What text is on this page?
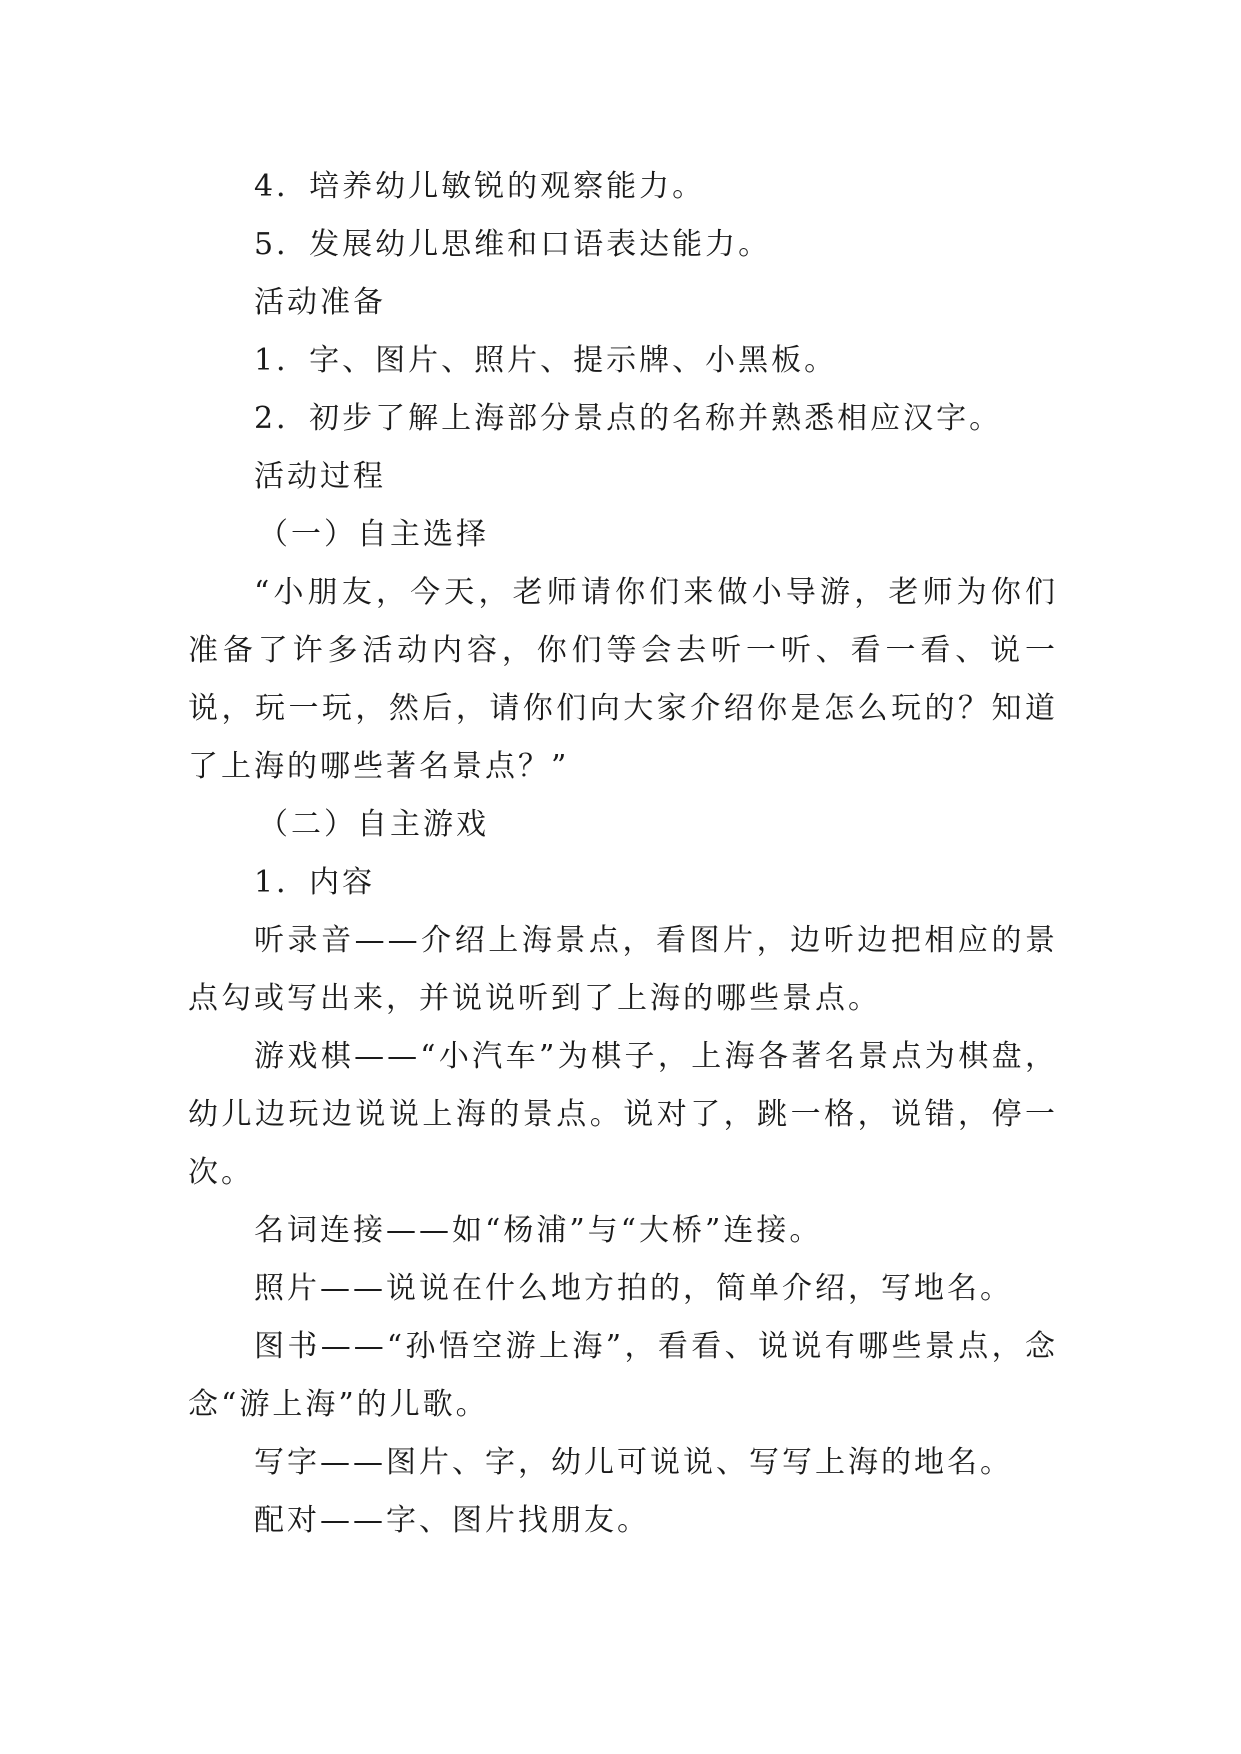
4．培养幼儿敏锐的观察能力。

5．发展幼儿思维和口语表达能力。

活动准备

1．字、图片、照片、提示牌、小黑板。

2．初步了解上海部分景点的名称并熟悉相应汉字。

活动过程

（一）自主选择

“小朋友，今天，老师请你们来做小导游，老师为你们准备了许多活动内容，你们等会去听一听、看一看、说一说，玩一玩，然后，请你们向大家介绍你是怎么玩的？知道了上海的哪些著名景点？”

（二）自主游戏

1．内容

听录音——介绍上海景点，看图片，边听边把相应的景点勾或写出来，并说说听到了上海的哪些景点。

游戏棋——“小汽车”为棋子，上海各著名景点为棋盘，幼儿边玩边说说上海的景点。说对了，跳一格，说错，停一次。

名词连接——如“杨浦”与“大桥”连接。

照片——说说在什么地方拍的，简单介绍，写地名。

图书——“孙悟空游上海”，看看、说说有哪些景点，念念“游上海”的儿歌。

写字——图片、字，幼儿可说说、写写上海的地名。

配对——字、图片找朋友。
